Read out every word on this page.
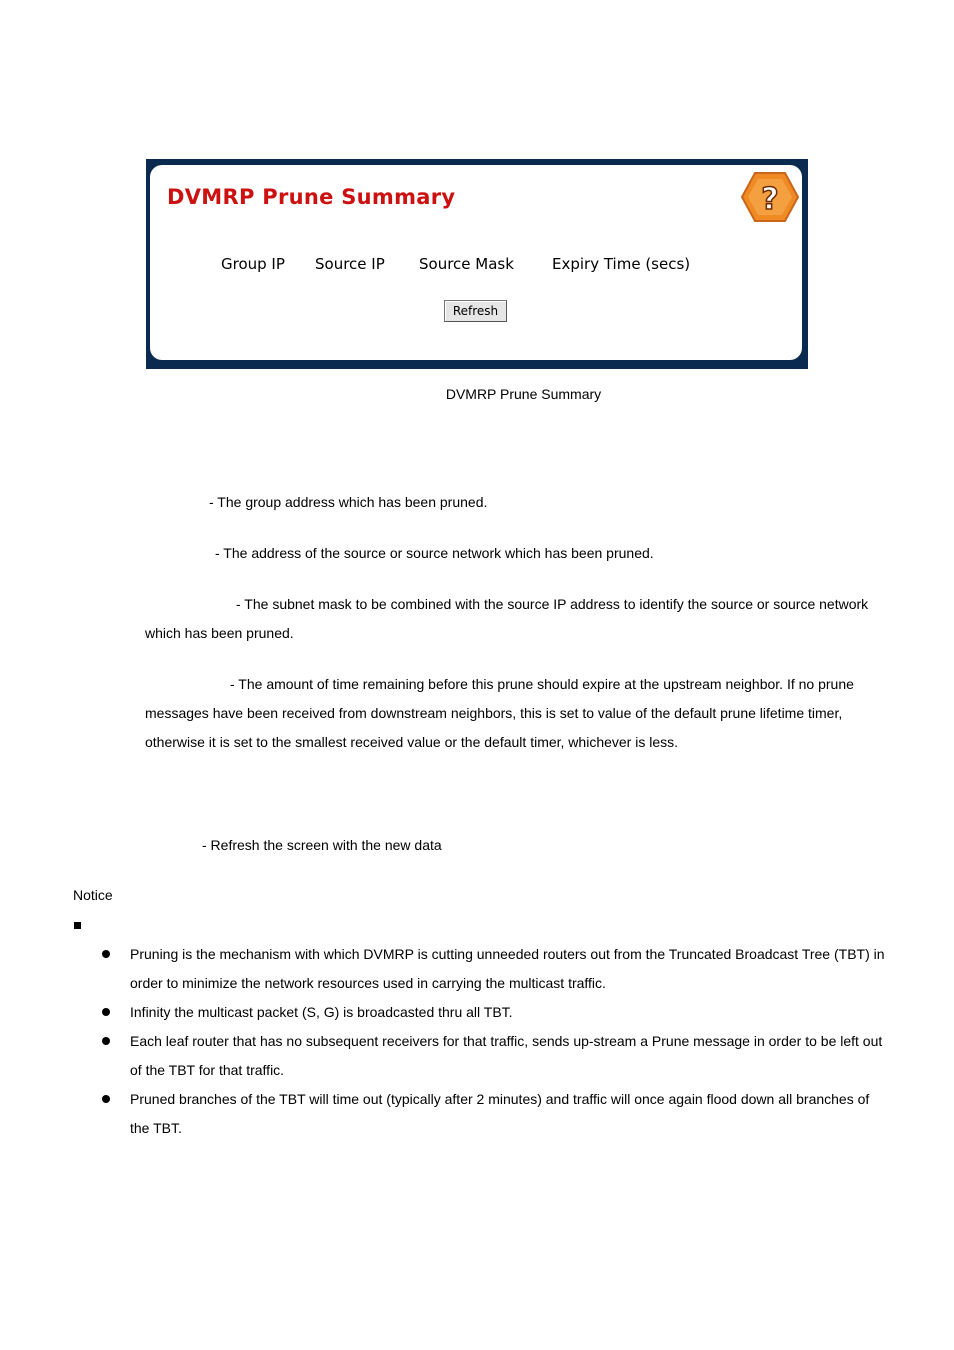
DVMRP Prune Summary	?
Group IP Source IP Source Mask	Expiry Time (secs)
Refresh
DVMRP Prune Summary

- The group address which has been pruned.

- The address of the source or source network which has been pruned.

- The subnet mask to be combined with the source IP address to identify the source or source network which has been pruned.

- The amount of time remaining before this prune should expire at the upstream neighbor. If no prune messages have been received from downstream neighbors, this is set to value of the default prune lifetime timer, otherwise it is set to the smallest received value or the default timer, whichever is less.

- Refresh the screen with the new data

Notice
Pruning is the mechanism with which DVMRP is cutting unneeded routers out from the Truncated Broadcast Tree (TBT) in order to minimize the network resources used in carrying the multicast traffic.
Infinity the multicast packet (S, G) is broadcasted thru all TBT.
Each leaf router that has no subsequent receivers for that traffic, sends up-stream a Prune message in order to be left out of the TBT for that traffic.
Pruned branches of the TBT will time out (typically after 2 minutes) and traffic will once again flood down all branches of the TBT.
